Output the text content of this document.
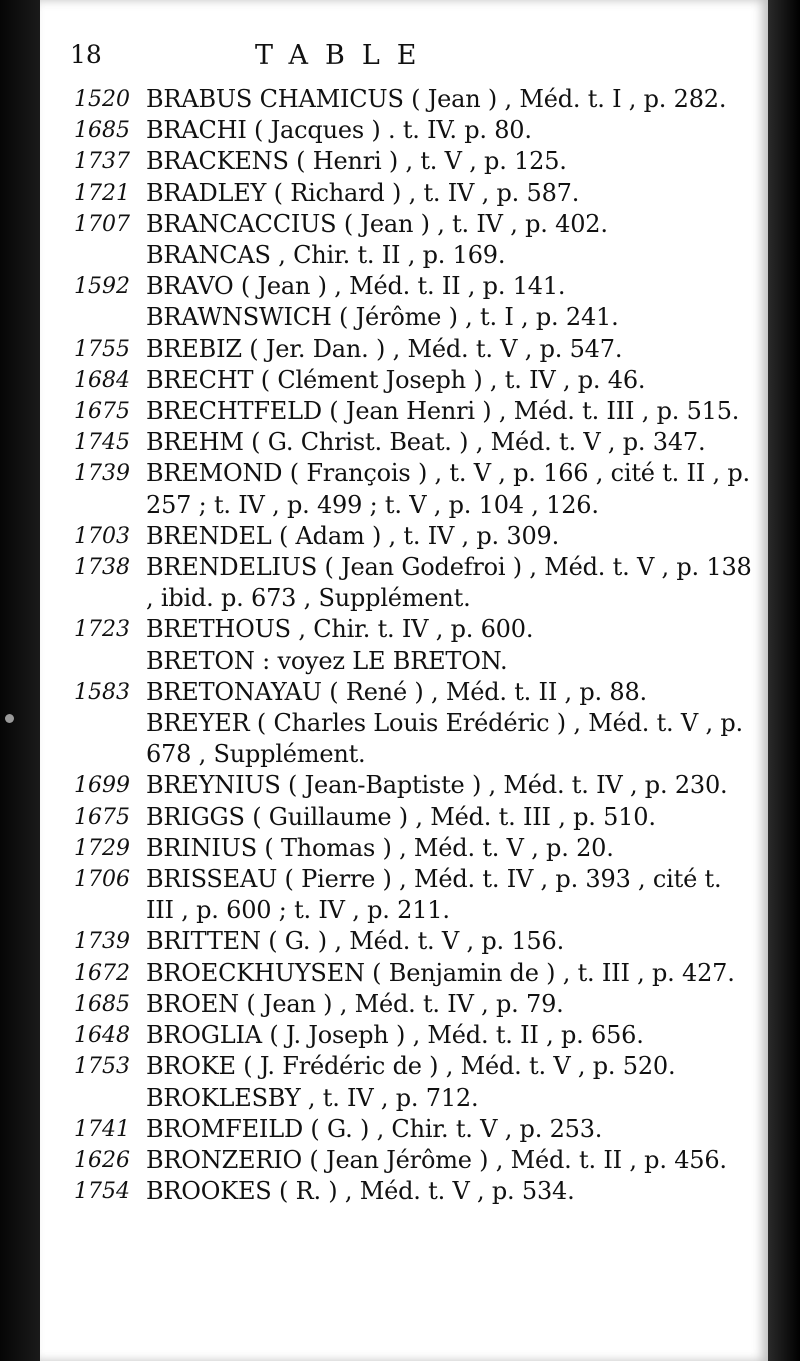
18	TABLE
1520 BRABUS CHAMICUS ( Jean ) , Méd. t. I , p. 282.
1685 BRACHI ( Jacques ) . t. IV. p. 80.
1737 BRACKENS ( Henri ) , t. V , p. 125.
1721 BRADLEY ( Richard ) , t. IV , p. 587.
1707 BRANCACCIUS ( Jean ) , t. IV , p. 402.
BRANCAS , Chir. t. II , p. 169.
1592 BRAVO ( Jean ) , Méd. t. II , p. 141.
BRAWNSWICH ( Jérôme ) , t. I , p. 241.
1755 BREBIZ ( Jer. Dan. ) , Méd. t. V , p. 547.
1684 BRECHT ( Clément Joseph ) , t. IV , p. 46.
1675 BRECHTFELD ( Jean Henri ) , Méd. t. III , p. 515.
1745 BREHM ( G. Christ. Beat. ) , Méd. t. V , p. 347.
1739 BREMOND ( François ) , t. V , p. 166 , cité t. II , p. 257 ; t. IV , p. 499 ; t. V , p. 104 , 126.
1703 BRENDEL ( Adam ) , t. IV , p. 309.
1738 BRENDELIUS ( Jean Godefroi ) , Méd. t. V , p. 138 , ibid. p. 673 , Supplément.
1723 BRETHOUS , Chir. t. IV , p. 600.
BRETON : voyez LE BRETON.
1583 BRETONAYAU ( René ) , Méd. t. II , p. 88.
BREYER ( Charles Louis Erédéric ) , Méd. t. V , p. 678 , Supplément.
1699 BREYNIUS ( Jean-Baptiste ) , Méd. t. IV , p. 230.
1675 BRIGGS ( Guillaume ) , Méd. t. III , p. 510.
1729 BRINIUS ( Thomas ) , Méd. t. V , p. 20.
1706 BRISSEAU ( Pierre ) , Méd. t. IV , p. 393 , cité t. III , p. 600 ; t. IV , p. 211.
1739 BRITTEN ( G. ) , Méd. t. V , p. 156.
1672 BROECKHUYSEN ( Benjamin de ) , t. III , p. 427.
1685 BROEN ( Jean ) , Méd. t. IV , p. 79.
1648 BROGLIA ( J. Joseph ) , Méd. t. II , p. 656.
1753 BROKE ( J. Frédéric de ) , Méd. t. V , p. 520.
BROKLESBY , t. IV , p. 712.
1741 BROMFEILD ( G. ) , Chir. t. V , p. 253.
1626 BRONZERIO ( Jean Jérôme ) , Méd. t. II , p. 456.
1754 BROOKES ( R. ) , Méd. t. V , p. 534.
